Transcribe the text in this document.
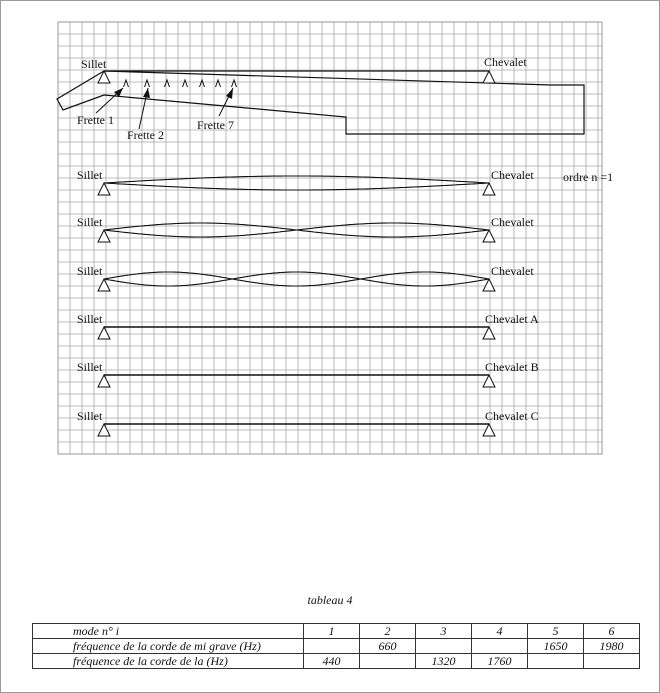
Sillet	Chevalet
Frette 1
Frette 2
Frette 7
Sillet	Chevalet ordre n =1
Sillet	Chevalet
Sillet	Chevalet
Sillet	Chevalet A
Sillet	Chevalet B
Sillet	Chevalet C
tableau 4
mode n° i	1	2	3	4	5	6
fréquence de la corde de mi grave (Hz)		660			1650	1980
fréquence de la corde de la (Hz)	440		1320	1760		
